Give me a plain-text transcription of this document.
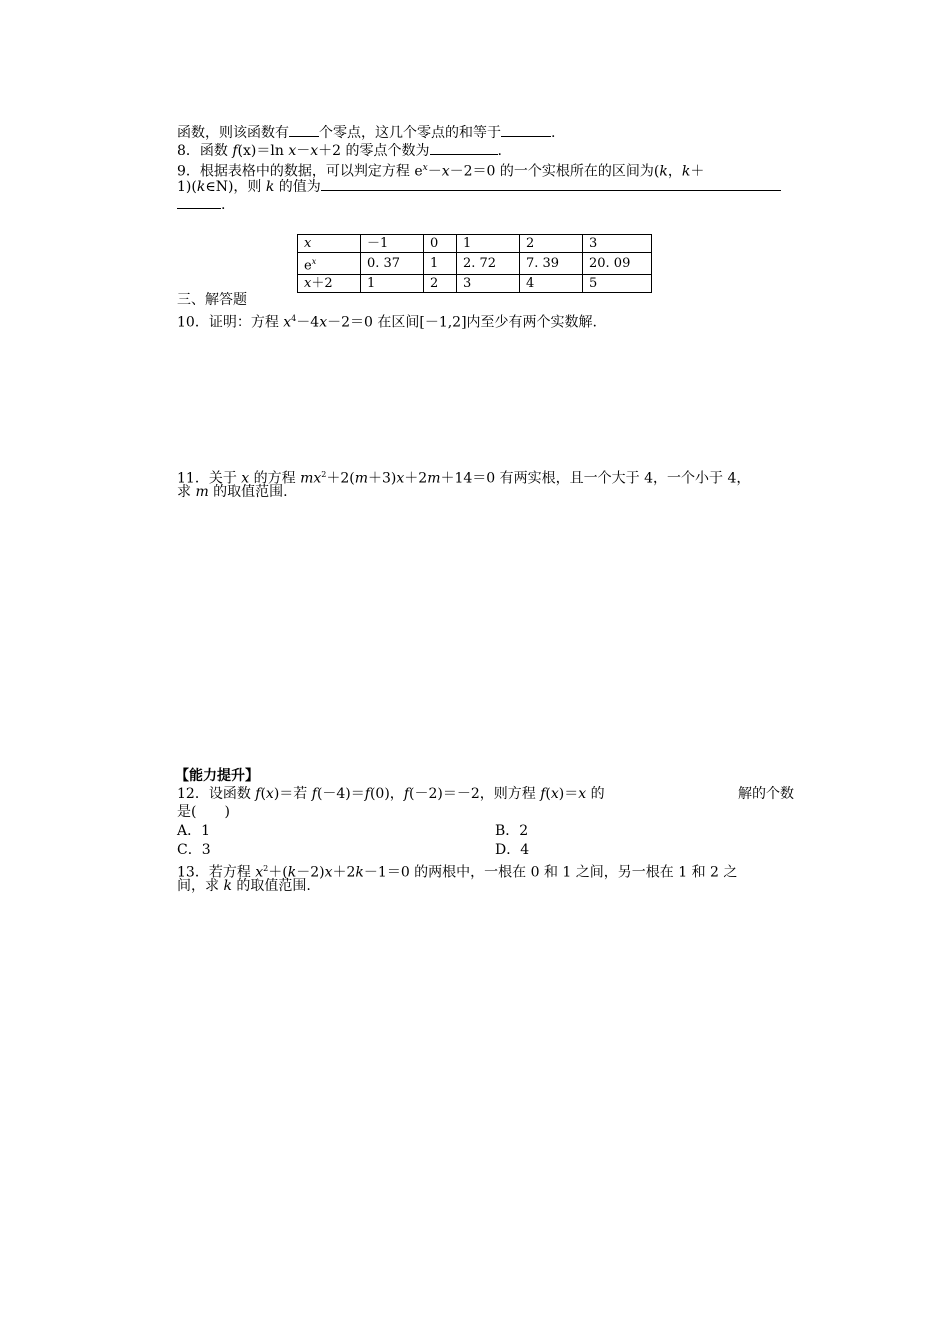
函数，则该函数有 个零点，这几个零点的和等于	.
8．函数 f(x)＝ln x－x＋2 的零点个数为	.
9．根据表格中的数据，可以判定方程 $e^x-x-2=0$ 的一个实根所在的区间为(k，k＋
1)(k∈N)，则 k 的值为
.
x	－1	0	1	2	3
$e^x$	0. 37	1	2. 72	7. 39	20. 09
x＋2	1	2	3	4	5
三、解答题
10．证明：方程 $x^4-4x-2=0$ 在区间[－1,2]内至少有两个实数解.
11．关于 x 的方程 $mx^2+2(m+3)x+2m+14=0$ 有两实根，且一个大于 4，一个小于 4，
求 m 的取值范围.
【能力提升】
12．设函数 f(x)＝若 f(－4)＝f(0)，f(－2)＝－2，则方程 f(x)＝x 的	解的个数
是(　　)
A．1	B．2
C．3	D．4
13．若方程 $x^2+(k-2)x+2k-1=0$ 的两根中，一根在 0 和 1 之间，另一根在 1 和 2 之
间，求 k 的取值范围.
